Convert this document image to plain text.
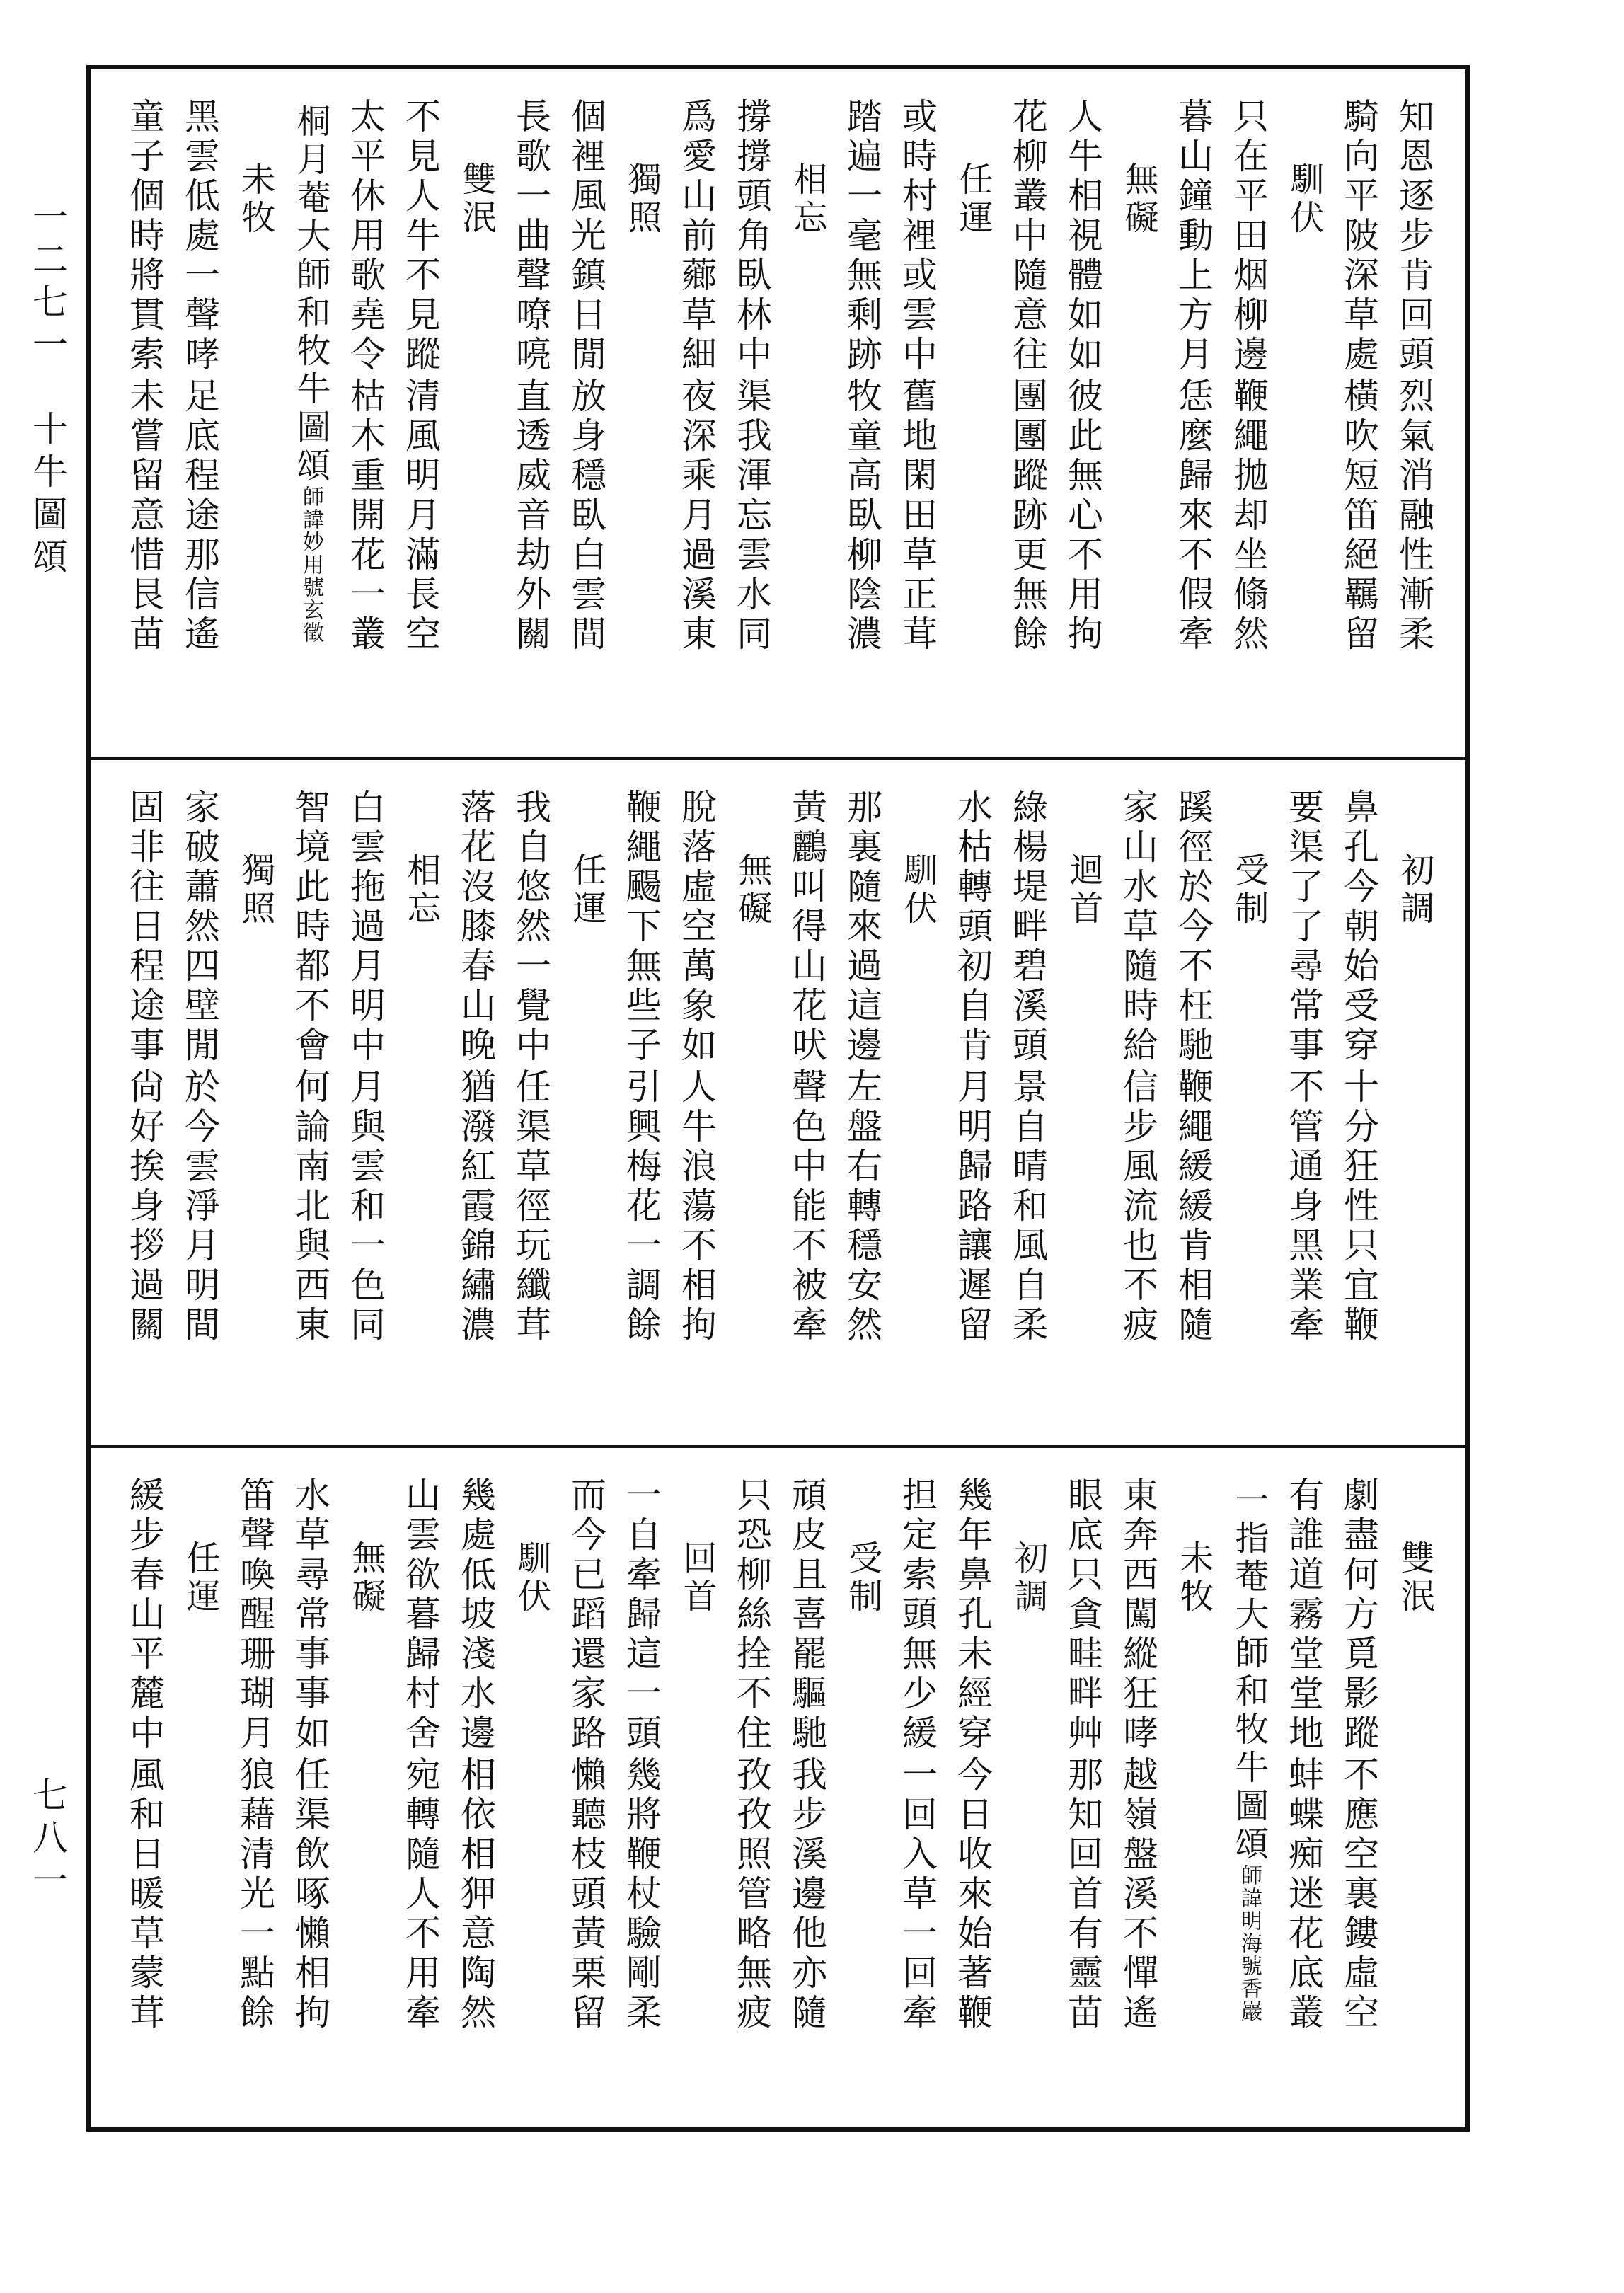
一二七一　十牛圖頌
七八一
知恩逐步肯回頭
烈氣消融性漸柔
騎向平陂深草處
橫吹短笛絕羈留
馴伏
只在平田烟柳邊
鞭繩拋却坐翛然
暮山鐘動上方月
恁麼歸來不假牽
無礙
人牛相視體如如
彼此無心不用拘
花柳叢中隨意往
團團蹤跡更無餘
任運
或時村裡或雲中
舊地閑田草正茸
踏遍一毫無剩跡
牧童高臥柳陰濃
相忘
撐撐頭角臥林中
渠我渾忘雲水同
爲愛山前薌草細
夜深乘月過溪東
獨照
個裡風光鎮日閒
放身穩臥白雲間
長歌一曲聲嘹喨
直透威音劫外關
雙泯
不見人牛不見蹤
清風明月滿長空
太平休用歌堯令
枯木重開花一叢
桐月菴大師和牧牛圖頌師諱妙用號玄徵
未牧
黑雲低處一聲哮
足底程途那信遙
童子個時將貫索
未嘗留意惜艮苗
初調
鼻孔今朝始受穿
十分狂性只宜鞭
要渠了了尋常事
不管通身黑業牽
受制
蹊徑於今不枉馳
鞭繩緩緩肯相隨
家山水草隨時給
信步風流也不疲
迴首
綠楊堤畔碧溪頭
景自晴和風自柔
水枯轉頭初自肯
月明歸路讓遲留
馴伏
那裏隨來過這邊
左盤右轉穩安然
黃鸝叫得山花吠
聲色中能不被牽
無礙
脫落虛空萬象如
人牛浪蕩不相拘
鞭繩颺下無些子
引興梅花一調餘
任運
我自悠然一覺中
任渠草徑玩纖茸
落花沒膝春山晚
猶潑紅霞錦繡濃
相忘
白雲拖過月明中
月與雲和一色同
智境此時都不會
何論南北與西東
獨照
家破蕭然四壁閒
於今雲淨月明間
固非往日程途事
尙好挨身拶過關
雙泯
劇盡何方覓影蹤
不應空裏鏤虛空
有誰道霧堂堂地
蚌蝶痴迷花底叢
一指菴大師和牧牛圖頌師諱明海號香巖
未牧
東奔西闖縱狂哮
越嶺盤溪不憚遙
眼底只貪畦畔艸
那知回首有靈苗
初調
幾年鼻孔未經穿
今日收來始著鞭
担定索頭無少緩
一回入草一回牽
受制
頑皮且喜罷驅馳
我步溪邊他亦隨
只恐柳絲拴不住
孜孜照管略無疲
回首
一自牽歸這一頭
幾將鞭杖驗剛柔
而今已蹈還家路
懶聽枝頭黃栗留
馴伏
幾處低坡淺水邊
相依相狎意陶然
山雲欲暮歸村舍
宛轉隨人不用牽
無礙
水草尋常事事如
任渠飲啄懶相拘
笛聲喚醒珊瑚月
狼藉清光一點餘
任運
緩步春山平麓中
風和日暖草蒙茸
